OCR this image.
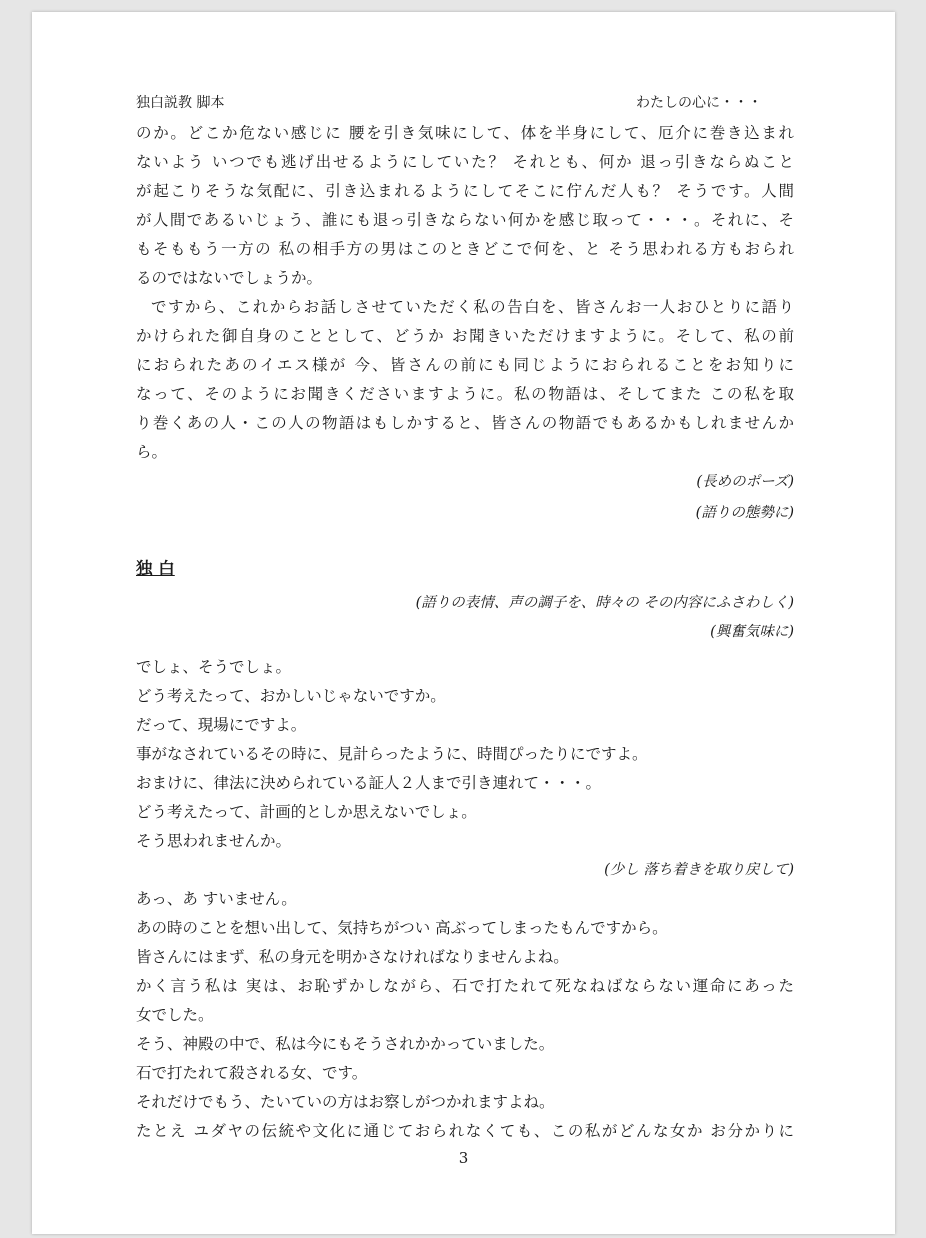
独白説教 脚本	わたしの心に・・・
のか。どこか危ない感じに 腰を引き気味にして、体を半身にして、厄介に巻き込まれ
ないよう いつでも逃げ出せるようにしていた？ それとも、何か 退っ引きならぬこと
が起こりそうな気配に、引き込まれるようにしてそこに佇んだ人も？ そうです。人間
が人間であるいじょう、誰にも退っ引きならない何かを感じ取って・・・。それに、そ
もそももう一方の 私の相手方の男はこのときどこで何を、と そう思われる方もおられ
るのではないでしょうか。
ですから、これからお話しさせていただく私の告白を、皆さんお一人おひとりに語り
かけられた御自身のこととして、どうか お聞きいただけますように。そして、私の前
におられたあのイエス様が 今、皆さんの前にも同じようにおられることをお知りに
なって、そのようにお聞きくださいますように。私の物語は、そしてまた この私を取
り巻くあの人・この人の物語はもしかすると、皆さんの物語でもあるかもしれませんか
ら。
(長めのポーズ)
(語りの態勢に)
独 白
(語りの表情、声の調子を、時々の その内容にふさわしく)
(興奮気味に)
でしょ、そうでしょ。
どう考えたって、おかしいじゃないですか。
だって、現場にですよ。
事がなされているその時に、見計らったように、時間ぴったりにですよ。
おまけに、律法に決められている証人２人まで引き連れて・・・。
どう考えたって、計画的としか思えないでしょ。
そう思われませんか。
(少し 落ち着きを取り戻して)
あっ、あ すいません。
あの時のことを想い出して、気持ちがつい 高ぶってしまったもんですから。
皆さんにはまず、私の身元を明かさなければなりませんよね。
かく言う私は 実は、お恥ずかしながら、石で打たれて死なねばならない運命にあった
女でした。
そう、神殿の中で、私は今にもそうされかかっていました。
石で打たれて殺される女、です。
それだけでもう、たいていの方はお察しがつかれますよね。
たとえ ユダヤの伝統や文化に通じておられなくても、この私がどんな女か お分かりに
3
